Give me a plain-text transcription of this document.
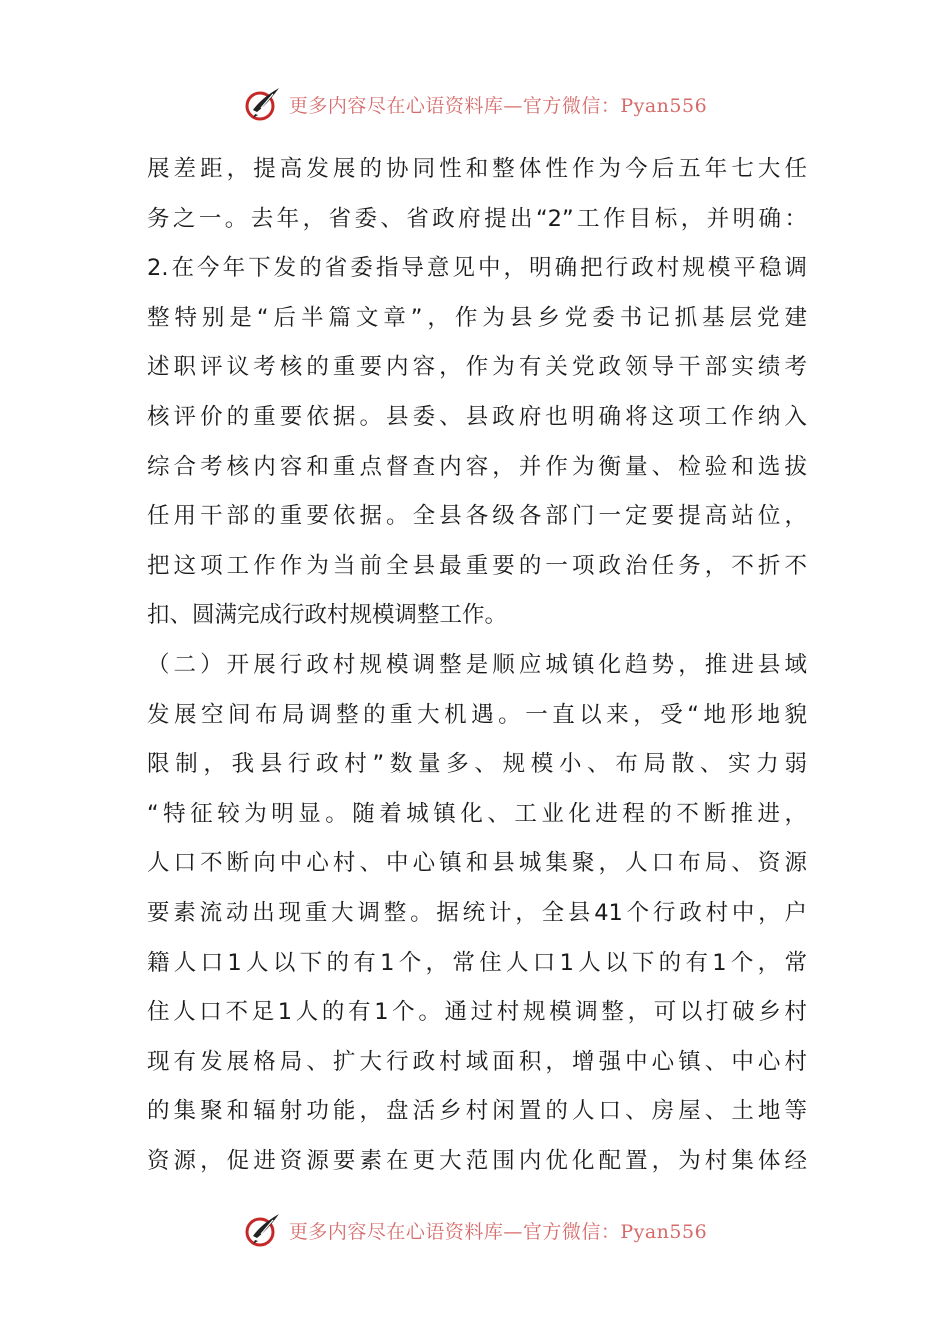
更多内容尽在心语资料库—官方微信：Pyan556
展差距，提高发展的协同性和整体性作为今后五年七大任
务之一。去年，省委、省政府提出“2”工作目标，并明确：
2.在今年下发的省委指导意见中，明确把行政村规模平稳调
整特别是“后半篇文章”，作为县乡党委书记抓基层党建
述职评议考核的重要内容，作为有关党政领导干部实绩考
核评价的重要依据。县委、县政府也明确将这项工作纳入
综合考核内容和重点督查内容，并作为衡量、检验和选拔
任用干部的重要依据。全县各级各部门一定要提高站位，
把这项工作作为当前全县最重要的一项政治任务，不折不
扣、圆满完成行政村规模调整工作。
（二）开展行政村规模调整是顺应城镇化趋势，推进县域
发展空间布局调整的重大机遇。一直以来，受“地形地貌
限制，我县行政村”数量多、规模小、布局散、实力弱
“特征较为明显。随着城镇化、工业化进程的不断推进，
人口不断向中心村、中心镇和县城集聚，人口布局、资源
要素流动出现重大调整。据统计，全县41个行政村中，户
籍人口1人以下的有1个，常住人口1人以下的有1个，常
住人口不足1人的有1个。通过村规模调整，可以打破乡村
现有发展格局、扩大行政村域面积，增强中心镇、中心村
的集聚和辐射功能，盘活乡村闲置的人口、房屋、土地等
资源，促进资源要素在更大范围内优化配置，为村集体经
更多内容尽在心语资料库—官方微信：Pyan556
